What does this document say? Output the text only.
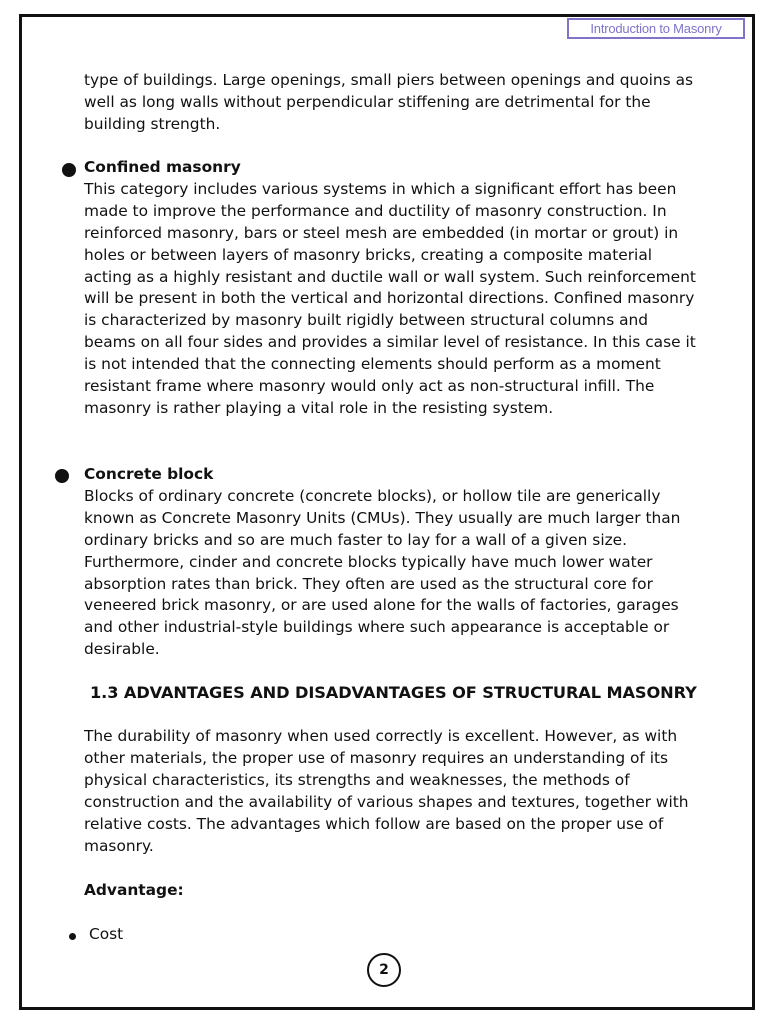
Introduction to Masonry

type of buildings. Large openings, small piers between openings and quoins as well as long walls without perpendicular stiffening are detrimental for the building strength.

Confined masonry

This category includes various systems in which a significant effort has been made to improve the performance and ductility of masonry construction. In reinforced masonry, bars or steel mesh are embedded (in mortar or grout) in holes or between layers of masonry bricks, creating a composite material acting as a highly resistant and ductile wall or wall system. Such reinforcement will be present in both the vertical and horizontal directions. Confined masonry is characterized by masonry built rigidly between structural columns and beams on all four sides and provides a similar level of resistance. In this case it is not intended that the connecting elements should perform as a moment resistant frame where masonry would only act as non-structural infill. The masonry is rather playing a vital role in the resisting system.

Concrete block

Blocks of ordinary concrete (concrete blocks), or hollow tile are generically known as Concrete Masonry Units (CMUs). They usually are much larger than ordinary bricks and so are much faster to lay for a wall of a given size. Furthermore, cinder and concrete blocks typically have much lower water absorption rates than brick. They often are used as the structural core for veneered brick masonry, or are used alone for the walls of factories, garages and other industrial-style buildings where such appearance is acceptable or desirable.

1.3 ADVANTAGES AND DISADVANTAGES OF STRUCTURAL MASONRY

The durability of masonry when used correctly is excellent. However, as with other materials, the proper use of masonry requires an understanding of its physical characteristics, its strengths and weaknesses, the methods of construction and the availability of various shapes and textures, together with relative costs. The advantages which follow are based on the proper use of masonry.

Advantage:
Cost
2
